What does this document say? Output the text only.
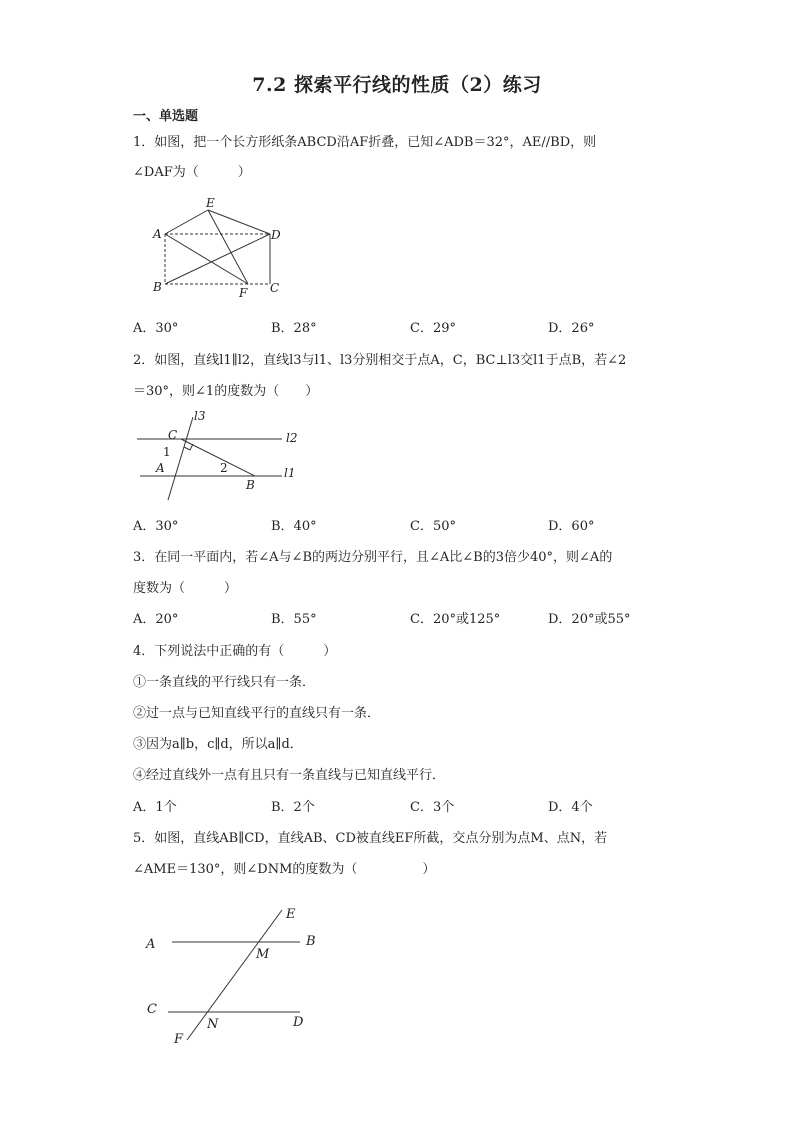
7.2 探索平行线的性质（2）练习
一、单选题
1．如图，把一个长方形纸条ABCD沿AF折叠，已知∠ADB＝32°，AE//BD，则
∠DAF为（　　　）
A
B	C
D
E
F
A．30°	B．28°	C．29°	D．26°
2．如图，直线l1∥l2，直线l3与l1、l3分别相交于点A，C，BC⊥l3交l1于点B，若∠2
＝30°，则∠1的度数为（　　）
l3
l2
l1
C
A
B
1
2
A．30°	B．40°	C．50°	D．60°
3．在同一平面内，若∠A与∠B的两边分别平行，且∠A比∠B的3倍少40°，则∠A的
度数为（　　　）
A．20°	B．55°	C．20°或125°	D．20°或55°
4．下列说法中正确的有（　　　）
①一条直线的平行线只有一条．
②过一点与已知直线平行的直线只有一条．
③因为a∥b，c∥d，所以a∥d．
④经过直线外一点有且只有一条直线与已知直线平行．
A．1个	B．2个	C．3个	D．4个
5．如图，直线AB∥CD，直线AB、CD被直线EF所截，交点分别为点M、点N，若
∠AME＝130°，则∠DNM的度数为（　　　　　）
A	B
C
D
E
F
M
N
